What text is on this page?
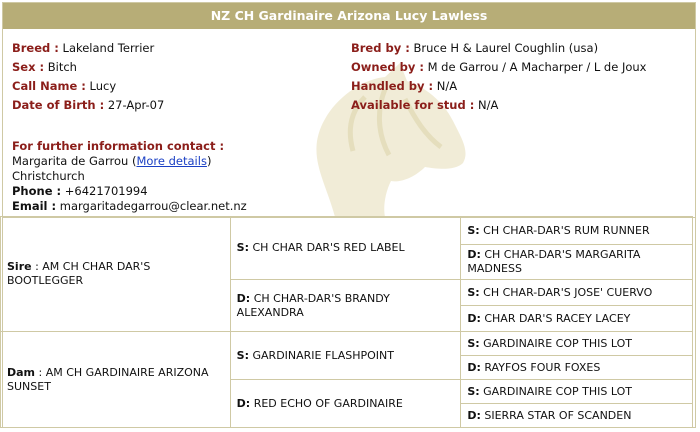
NZ CH Gardinaire Arizona Lucy Lawless
Breed : Lakeland Terrier
Sex : Bitch
Call Name : Lucy
Date of Birth : 27-Apr-07
Bred by : Bruce H & Laurel Coughlin (usa)
Owned by : M de Garrou / A Macharper / L de Joux
Handled by : N/A
Available for stud : N/A
For further information contact :
Margarita de Garrou (More details)
Christchurch
Phone : +6421701994
Email : margaritadegarrou@clear.net.nz
Sire : AM CH CHAR DAR'S BOOTLEGGER	S: CH CHAR DAR'S RED LABEL	S: CH CHAR-DAR'S RUM RUNNER
		D: CH CHAR-DAR'S MARGARITA MADNESS
	D: CH CHAR-DAR'S BRANDY ALEXANDRA	S: CH CHAR-DAR'S JOSE' CUERVO
		D: CHAR DAR'S RACEY LACEY
Dam : AM CH GARDINAIRE ARIZONA SUNSET	S: GARDINARIE FLASHPOINT	S: GARDINAIRE COP THIS LOT
		D: RAYFOS FOUR FOXES
	D: RED ECHO OF GARDINAIRE	S: GARDINAIRE COP THIS LOT
		D: SIERRA STAR OF SCANDEN
